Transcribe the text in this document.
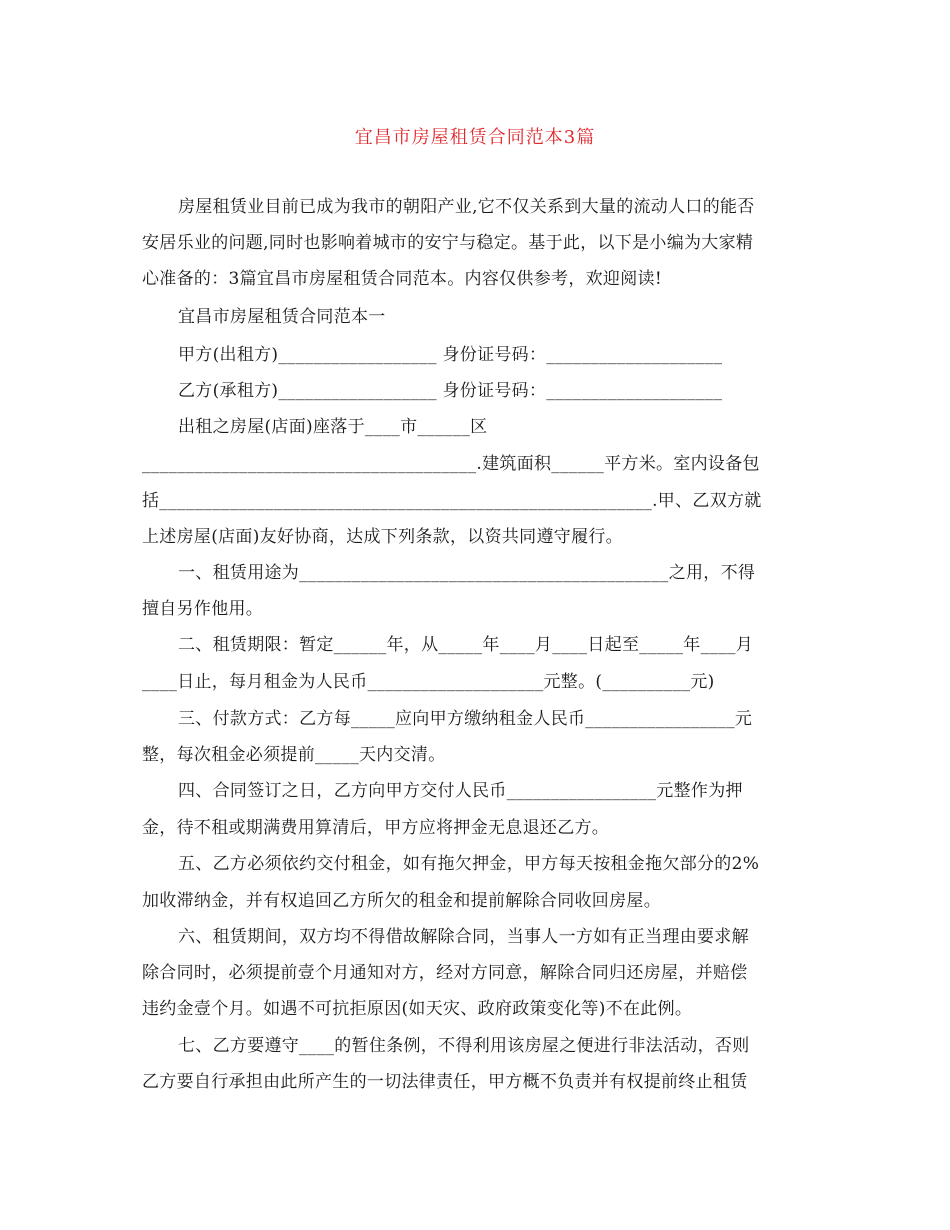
宜昌市房屋租赁合同范本3篇
房屋租赁业目前已成为我市的朝阳产业,它不仅关系到大量的流动人口的能否
安居乐业的问题,同时也影响着城市的安宁与稳定。基于此，以下是小编为大家精
心准备的：3篇宜昌市房屋租赁合同范本。内容仅供参考，欢迎阅读!
宜昌市房屋租赁合同范本一
甲方(出租方)__________________ 身份证号码：____________________
乙方(承租方)__________________ 身份证号码：____________________
出租之房屋(店面)座落于____市______区
______________________________________.建筑面积______平方米。室内设备包
括________________________________________________________.甲、乙双方就
上述房屋(店面)友好协商，达成下列条款，以资共同遵守履行。
一、租赁用途为__________________________________________之用，不得
擅自另作他用。
二、租赁期限：暂定______年，从_____年____月____日起至_____年____月
____日止，每月租金为人民币____________________元整。(__________元)
三、付款方式：乙方每_____应向甲方缴纳租金人民币_________________元
整，每次租金必须提前_____天内交清。
四、合同签订之日，乙方向甲方交付人民币_________________元整作为押
金，待不租或期满费用算清后，甲方应将押金无息退还乙方。
五、乙方必须依约交付租金，如有拖欠押金，甲方每天按租金拖欠部分的2%
加收滞纳金，并有权追回乙方所欠的租金和提前解除合同收回房屋。
六、租赁期间，双方均不得借故解除合同，当事人一方如有正当理由要求解
除合同时，必须提前壹个月通知对方，经对方同意，解除合同归还房屋，并赔偿
违约金壹个月。如遇不可抗拒原因(如天灾、政府政策变化等)不在此例。
七、乙方要遵守____的暂住条例，不得利用该房屋之便进行非法活动，否则
乙方要自行承担由此所产生的一切法律责任，甲方概不负责并有权提前终止租赁
